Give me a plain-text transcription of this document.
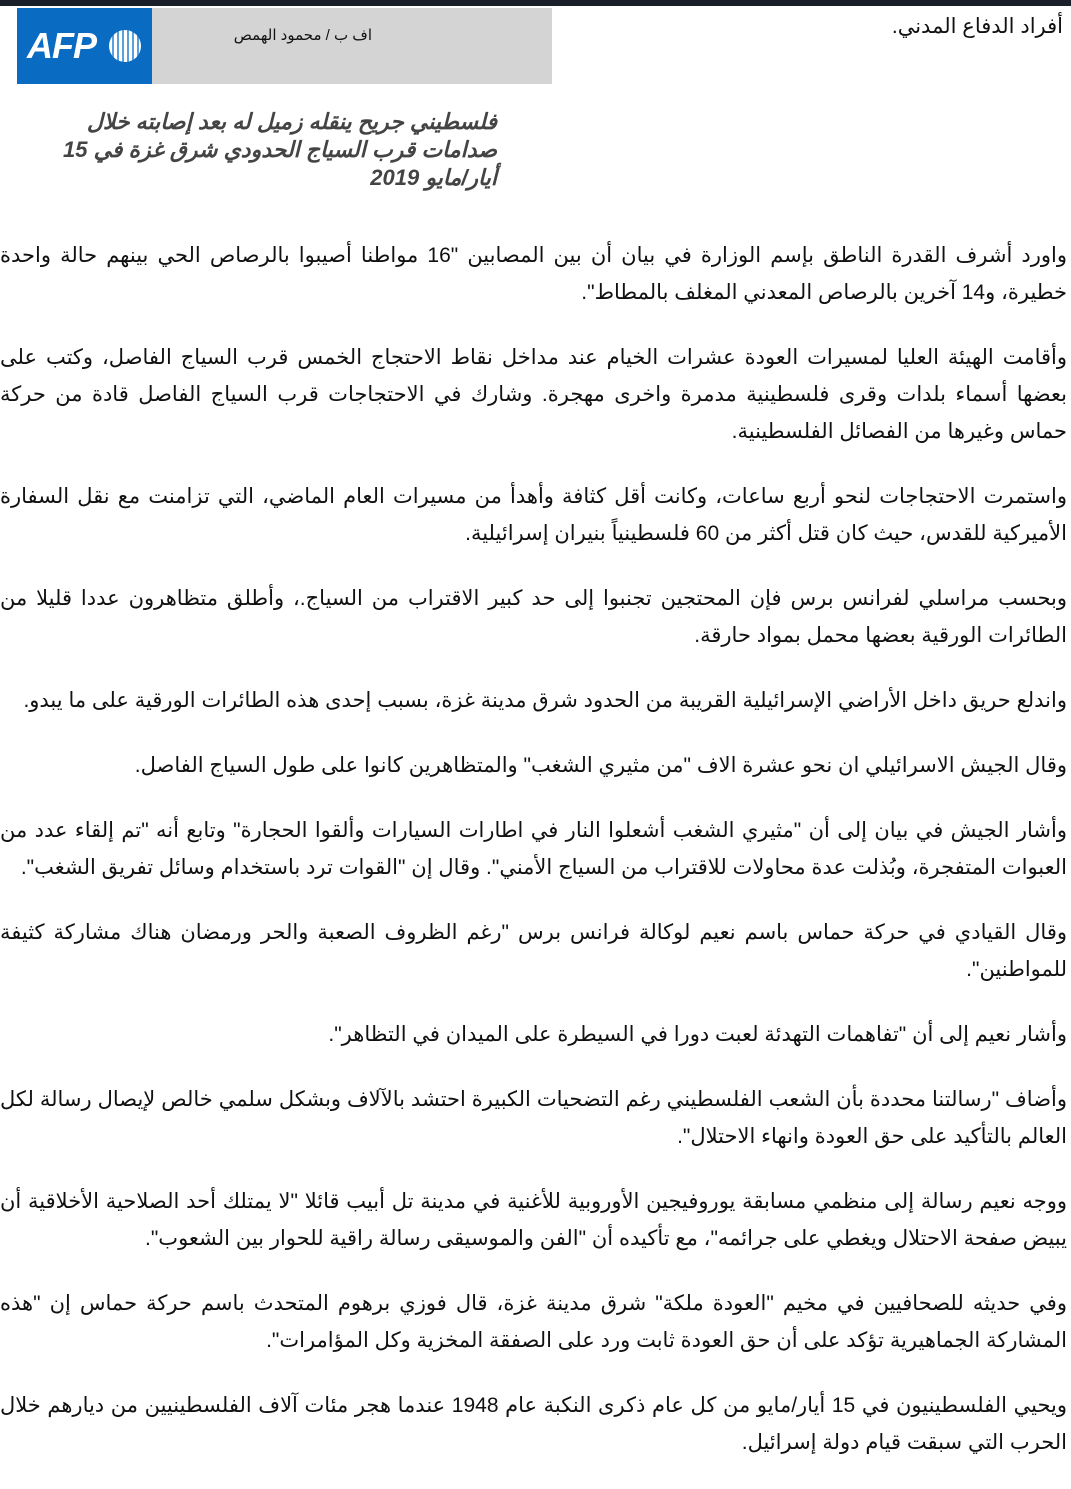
أفراد الدفاع المدني.
AFP	اف ب / محمود الهمص
فلسطيني جريح ينقله زميل له بعد إصابته خلال صدامات قرب السياج الحدودي شرق غزة في 15 أيار/مايو 2019

واورد أشرف القدرة الناطق بإسم الوزارة في بيان أن بين المصابين "16 مواطنا أصيبوا بالرصاص الحي بينهم حالة واحدة خطيرة، و14 آخرين بالرصاص المعدني المغلف بالمطاط".

وأقامت الهيئة العليا لمسيرات العودة عشرات الخيام عند مداخل نقاط الاحتجاج الخمس قرب السياج الفاصل، وكتب على بعضها أسماء بلدات وقرى فلسطينية مدمرة واخرى مهجرة. وشارك في الاحتجاجات قرب السياج الفاصل قادة من حركة حماس وغيرها من الفصائل الفلسطينية.

واستمرت الاحتجاجات لنحو أربع ساعات، وكانت أقل كثافة وأهدأ من مسيرات العام الماضي، التي تزامنت مع نقل السفارة الأميركية للقدس، حيث كان قتل أكثر من 60 فلسطينياً بنيران إسرائيلية.

وبحسب مراسلي لفرانس برس فإن المحتجين تجنبوا إلى حد كبير الاقتراب من السياج.، وأطلق متظاهرون عددا قليلا من الطائرات الورقية بعضها محمل بمواد حارقة.

واندلع حريق داخل الأراضي الإسرائيلية القريبة من الحدود شرق مدينة غزة، بسبب إحدى هذه الطائرات الورقية على ما يبدو.

وقال الجيش الاسرائيلي ان نحو عشرة الاف "من مثيري الشغب" والمتظاهرين كانوا على طول السياج الفاصل.

وأشار الجيش في بيان إلى أن "مثيري الشغب أشعلوا النار في اطارات السيارات وألقوا الحجارة" وتابع أنه "تم إلقاء عدد من العبوات المتفجرة، وبُذلت عدة محاولات للاقتراب من السياج الأمني". وقال إن "القوات ترد باستخدام وسائل تفريق الشغب".

وقال القيادي في حركة حماس باسم نعيم لوكالة فرانس برس "رغم الظروف الصعبة والحر ورمضان هناك مشاركة كثيفة للمواطنين".

وأشار نعيم إلى أن "تفاهمات التهدئة لعبت دورا في السيطرة على الميدان في التظاهر".

وأضاف "رسالتنا محددة بأن الشعب الفلسطيني رغم التضحيات الكبيرة احتشد بالآلاف وبشكل سلمي خالص لإيصال رسالة لكل العالم بالتأكيد على حق العودة وانهاء الاحتلال".

ووجه نعيم رسالة إلى منظمي مسابقة يوروفيجين الأوروبية للأغنية في مدينة تل أبيب قائلا "لا يمتلك أحد الصلاحية الأخلاقية أن يبيض صفحة الاحتلال ويغطي على جرائمه"، مع تأكيده أن "الفن والموسيقى رسالة راقية للحوار بين الشعوب".

وفي حديثه للصحافيين في مخيم "العودة ملكة" شرق مدينة غزة، قال فوزي برهوم المتحدث باسم حركة حماس إن "هذه المشاركة الجماهيرية تؤكد على أن حق العودة ثابت ورد على الصفقة المخزية وكل المؤامرات".

ويحيي الفلسطينيون في 15 أيار/مايو من كل عام ذكرى النكبة عام 1948 عندما هجر مئات آلاف الفلسطينيين من ديارهم خلال الحرب التي سبقت قيام دولة إسرائيل.
